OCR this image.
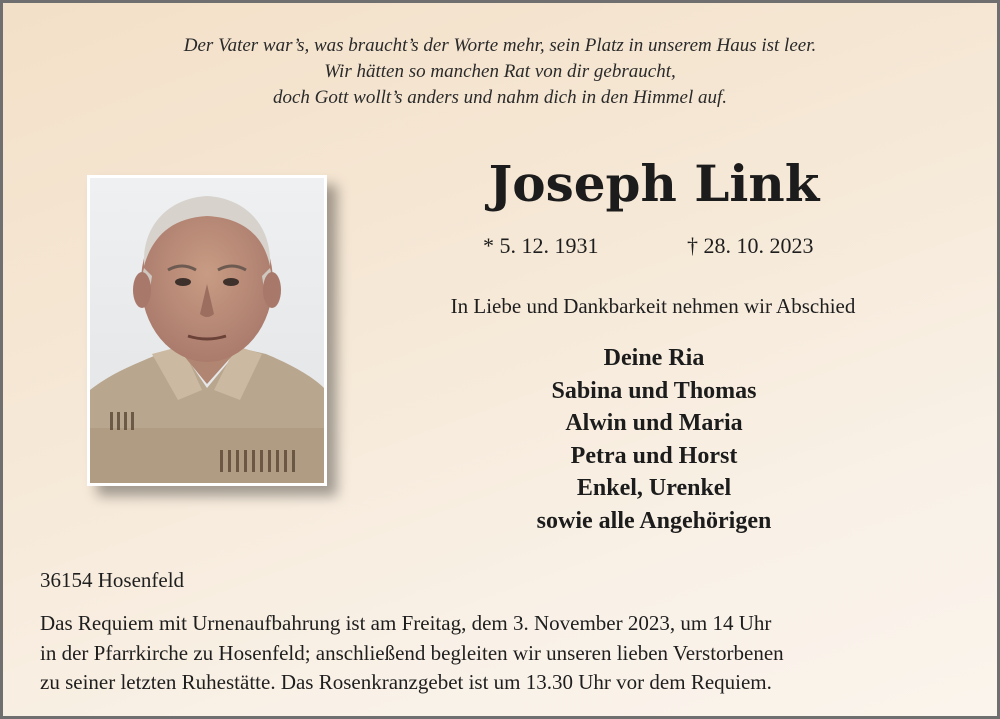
Der Vater war’s, was braucht’s der Worte mehr, sein Platz in unserem Haus ist leer.
Wir hätten so manchen Rat von dir gebraucht,
doch Gott wollt’s anders und nahm dich in den Himmel auf.
Joseph Link
* 5. 12. 1931	† 28. 10. 2023
In Liebe und Dankbarkeit nehmen wir Abschied
Deine Ria
Sabina und Thomas
Alwin und Maria
Petra und Horst
Enkel, Urenkel
sowie alle Angehörigen
36154 Hosenfeld
Das Requiem mit Urnenaufbahrung ist am Freitag, dem 3. November 2023, um 14 Uhr
in der Pfarrkirche zu Hosenfeld; anschließend begleiten wir unseren lieben Verstorbenen
zu seiner letzten Ruhestätte. Das Rosenkranzgebet ist um 13.30 Uhr vor dem Requiem.
